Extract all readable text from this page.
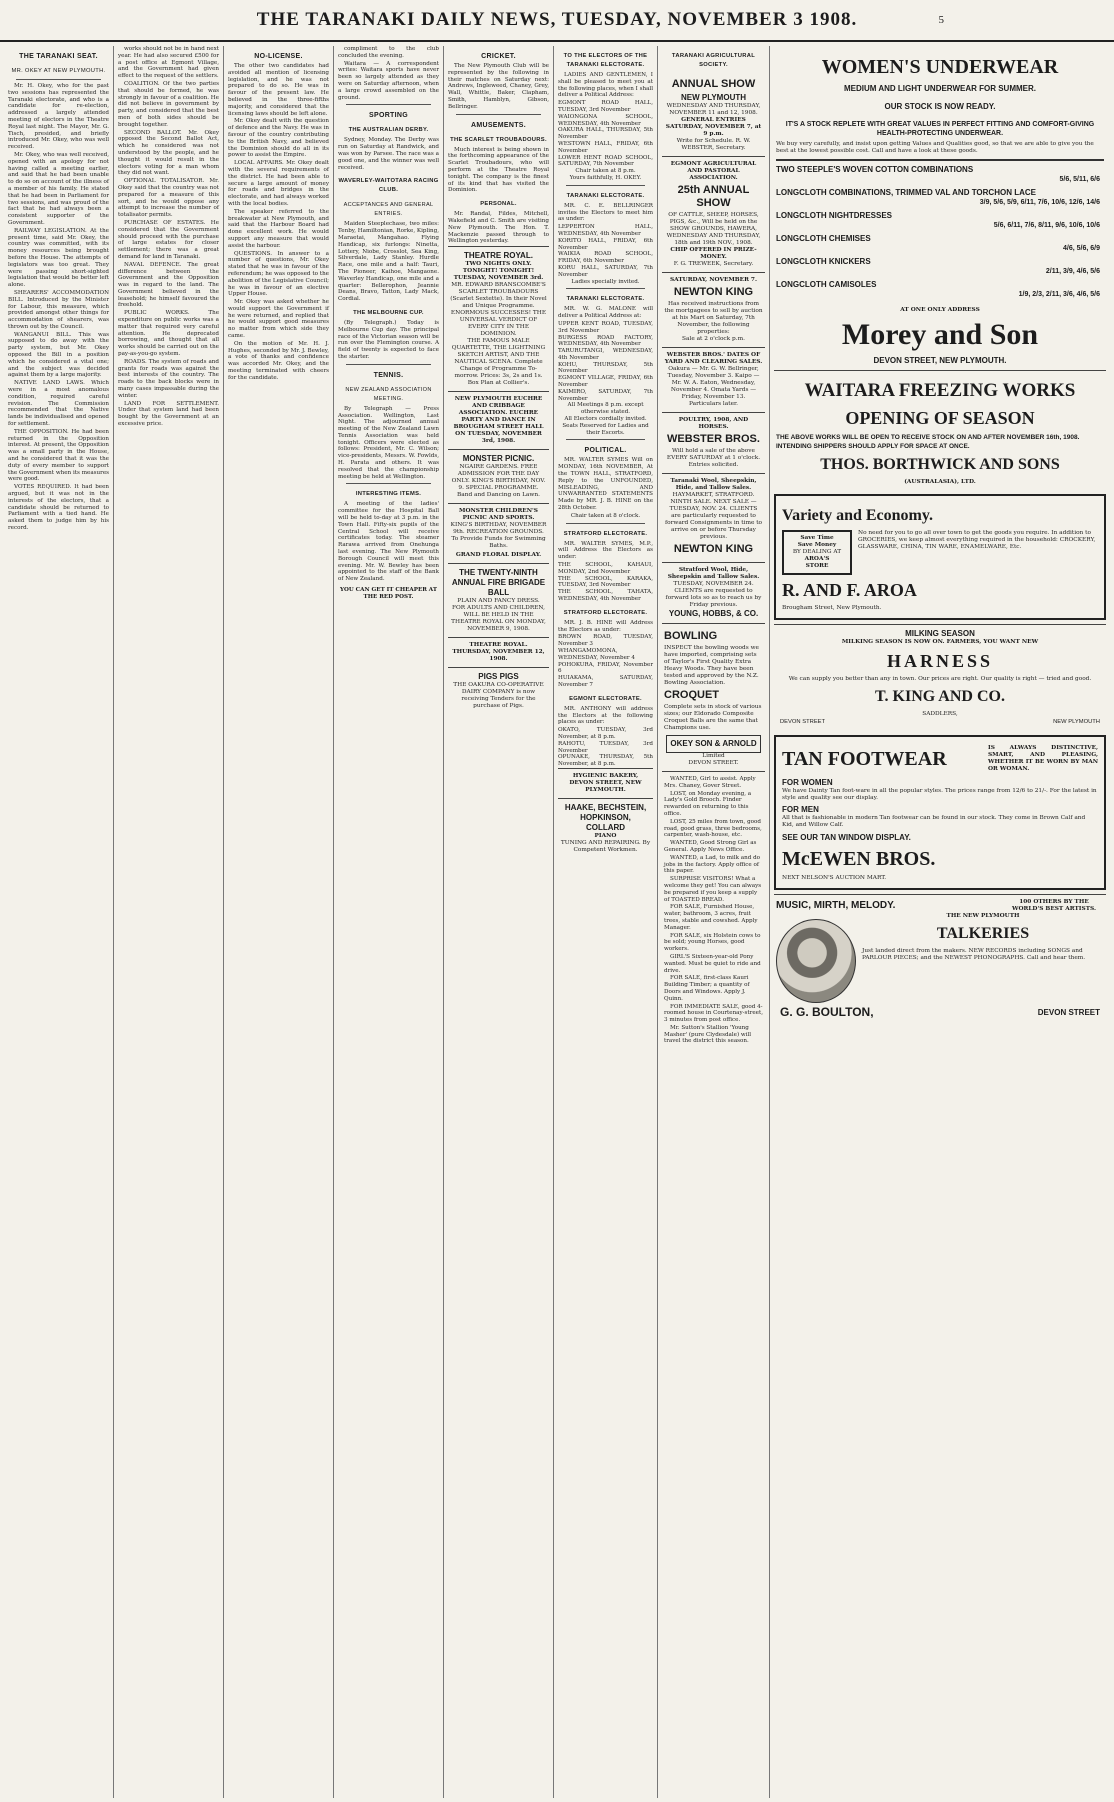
THE TARANAKI DAILY NEWS, TUESDAY, NOVEMBER 3 1908.	5
THE TARANAKI SEAT.
MR. OKEY AT NEW PLYMOUTH.

Mr. H. Okey, who for the past two sessions has represented the Taranaki electorate, and who is a candidate for re-election, addressed a largely attended meeting of electors in the Theatre Royal last night. The Mayor, Mr. G. Tisch, presided, and briefly introduced Mr. Okey, who was well received.

Mr. Okey, who was well received, opened with an apology for not having called a meeting earlier, and said that he had been unable to do so on account of the illness of a member of his family. He stated that he had been in Parliament for two sessions, and was proud of the fact that he had always been a consistent supporter of the Government.

RAILWAY LEGISLATION. At the present time, said Mr. Okey, the country was committed, with its money resources being brought before the House. The attempts of legislators was too great. They were passing short-sighted legislation that would be better left alone.

SHEARERS' ACCOMMODATION BILL. Introduced by the Minister for Labour, this measure, which provided amongst other things for accommodation of shearers, was thrown out by the Council.

WANGANUI BILL. This was supposed to do away with the party system, but Mr. Okey opposed the Bill in a position which he considered a vital one; and the subject was decided against them by a large majority.

NATIVE LAND LAWS. Which were in a most anomalous condition, required careful revision. The Commission recommended that the Native lands be individualised and opened for settlement.

THE OPPOSITION. He had been returned in the Opposition interest. At present, the Opposition was a small party in the House, and he considered that it was the duty of every member to support the Government when its measures were good.

VOTES REQUIRED. It had been argued, but it was not in the interests of the electors, that a candidate should be returned to Parliament with a tied hand. He asked them to judge him by his record.

works should not be in hand next year. He had also secured £500 for a post office at Egmont Village, and the Government had given effect to the request of the settlers.

COALITION. Of the two parties that should be formed, he was strongly in favour of a coalition. He did not believe in government by party, and considered that the best men of both sides should be brought together.

SECOND BALLOT. Mr. Okey opposed the Second Ballot Act, which he considered was not understood by the people, and he thought it would result in the electors voting for a man whom they did not want.

OPTIONAL TOTALISATOR. Mr. Okey said that the country was not prepared for a measure of this sort, and he would oppose any attempt to increase the number of totalisator permits.

PURCHASE OF ESTATES. He considered that the Government should proceed with the purchase of large estates for closer settlement; there was a great demand for land in Taranaki.

NAVAL DEFENCE. The great difference between the Government and the Opposition was in regard to the land. The Government believed in the leasehold; he himself favoured the freehold.

PUBLIC WORKS. The expenditure on public works was a matter that required very careful attention. He deprecated borrowing, and thought that all works should be carried out on the pay-as-you-go system.

ROADS. The system of roads and grants for roads was against the best interests of the country. The roads to the back blocks were in many cases impassable during the winter.

LAND FOR SETTLEMENT. Under that system land had been bought by the Government at an excessive price.

NO-LICENSE.

The other two candidates had avoided all mention of licensing legislation, and he was not prepared to do so. He was in favour of the present law. He believed in the three-fifths majority, and considered that the licensing laws should be left alone.

Mr. Okey dealt with the question of defence and the Navy. He was in favour of the country contributing to the British Navy, and believed the Dominion should do all in its power to assist the Empire.

LOCAL AFFAIRS. Mr. Okey dealt with the several requirements of the district. He had been able to secure a large amount of money for roads and bridges in the electorate, and had always worked with the local bodies.

The speaker referred to the breakwater at New Plymouth, and said that the Harbour Board had done excellent work. He would support any measure that would assist the harbour.

QUESTIONS. In answer to a number of questions, Mr. Okey stated that he was in favour of the referendum; he was opposed to the abolition of the Legislative Council; he was in favour of an elective Upper House.

Mr. Okey was asked whether he would support the Government if he were returned, and replied that he would support good measures no matter from which side they came.

On the motion of Mr. H. J. Hughes, seconded by Mr. J. Bewley, a vote of thanks and confidence was accorded Mr. Okey, and the meeting terminated with cheers for the candidate.

compliment to the club concluded the evening.

Waitara — A correspondent writes: Waitara sports have never been so largely attended as they were on Saturday afternoon, when a large crowd assembled on the ground.

SPORTING
THE AUSTRALIAN DERBY.

Sydney, Monday. The Derby was run on Saturday at Randwick, and was won by Parsee. The race was a good one, and the winner was well received.

WAVERLEY-WAITOTARA RACING CLUB.
ACCEPTANCES AND GENERAL ENTRIES.

Maiden Steeplechase, two miles: Tenby, Hamiltonian, Rorke, Kipling, Maraetai, Mangahao. Flying Handicap, six furlongs: Ninetta, Lottery, Niobe, Crosslot, Sea King, Silverdale, Lady Stanley. Hurdle Race, one mile and a half: Tauri, The Pioneer, Kaihoe, Mangaone. Waverley Handicap, one mile and a quarter: Bellerophon, Jeannie Deans, Bravo, Tatton, Lady Mack, Cordial.

THE MELBOURNE CUP.

(By Telegraph.) Today is Melbourne Cup day. The principal race of the Victorian season will be run over the Flemington course. A field of twenty is expected to face the starter.

TENNIS.
NEW ZEALAND ASSOCIATION MEETING.

By Telegraph — Press Association. Wellington, Last Night. The adjourned annual meeting of the New Zealand Lawn Tennis Association was held tonight. Officers were elected as follows: President, Mr. C. Wilson; vice-presidents, Messrs. W. Fowlds, H. Parata and others. It was resolved that the championship meeting be held at Wellington.

INTERESTING ITEMS.

A meeting of the ladies' committee for the Hospital Ball will be held to-day at 3 p.m. in the Town Hall. Fifty-six pupils of the Central School will receive certificates today. The steamer Rarawa arrived from Onehunga last evening. The New Plymouth Borough Council will meet this evening. Mr. W. Bewley has been appointed to the staff of the Bank of New Zealand.

YOU CAN GET IT CHEAPER AT THE RED POST.

CRICKET.

The New Plymouth Club will be represented by the following in their matches on Saturday next: Andrews, Ingleweed, Chaney, Grey, Wall, Whittle, Baker, Clapham, Smith, Hamblyn, Gibson, Bellringer.

AMUSEMENTS.
THE SCARLET TROUBADOURS.

Much interest is being shown in the forthcoming appearance of the Scarlet Troubadours, who will perform at the Theatre Royal tonight. The company is the finest of its kind that has visited the Dominion.

PERSONAL.

Mr. Randal, Fildes, Mitchell, Wakefield and C. Smith are visiting New Plymouth. The Hon. T. Mackenzie passed through to Wellington yesterday.

THEATRE ROYAL.
TWO NIGHTS ONLY. TONIGHT! TONIGHT! TUESDAY, NOVEMBER 3rd.
MR. EDWARD BRANSCOMBE'S SCARLET TROUBADOURS (Scarlet Sextette). In their Novel and Unique Programme. ENORMOUS SUCCESSES! THE UNIVERSAL VERDICT OF EVERY CITY IN THE DOMINION.
THE FAMOUS MALE QUARTETTE, THE LIGHTNING SKETCH ARTIST, AND THE NAUTICAL SCENA. Complete Change of Programme To-morrow. Prices: 3s, 2s and 1s. Box Plan at Collier's.
NEW PLYMOUTH EUCHRE AND CRIBBAGE ASSOCIATION. EUCHRE PARTY AND DANCE IN BROUGHAM STREET HALL ON TUESDAY, NOVEMBER 3rd, 1908.
MONSTER PICNIC.
NGAIRE GARDENS. FREE ADMISSION FOR THE DAY ONLY. KING'S BIRTHDAY, NOV. 9. SPECIAL PROGRAMME. Band and Dancing on Lawn.
MONSTER CHILDREN'S PICNIC AND SPORTS.
KING'S BIRTHDAY, NOVEMBER 9th. RECREATION GROUNDS. To Provide Funds for Swimming Baths.
GRAND FLORAL DISPLAY.
THE TWENTY-NINTH ANNUAL FIRE BRIGADE BALL
PLAIN AND FANCY DRESS. FOR ADULTS AND CHILDREN, WILL BE HELD IN THE THEATRE ROYAL ON MONDAY, NOVEMBER 9, 1908.
THEATRE ROYAL. THURSDAY, NOVEMBER 12, 1908.
PIGS PIGS
THE OAKURA CO-OPERATIVE DAIRY COMPANY is now receiving Tenders for the purchase of Pigs.
TO THE ELECTORS OF THE TARANAKI ELECTORATE.

LADIES AND GENTLEMEN, I shall be pleased to meet you at the following places, when I shall deliver a Political Address:

EGMONT ROAD HALL, TUESDAY, 3rd November
WAIONGONA SCHOOL, WEDNESDAY, 4th November
OAKURA HALL, THURSDAY, 5th November
WESTOWN HALL, FRIDAY, 6th November
LOWER HENT ROAD SCHOOL, SATURDAY, 7th November

Chair taken at 8 p.m.

Yours faithfully, H. OKEY.

TARANAKI ELECTORATE.

MR. C. E. BELLRINGER invites the Electors to meet him as under:

LEPPERTON HALL, WEDNESDAY, 4th November
KORITO HALL, FRIDAY, 6th November
WAIKIA ROAD SCHOOL, FRIDAY, 6th November
KORU HALL, SATURDAY, 7th November

Ladies specially invited.

TARANAKI ELECTORATE.

MR. W. G. MALONE will deliver a Political Address at:

UPPER KENT ROAD, TUESDAY, 3rd November
BURGESS ROAD FACTORY, WEDNESDAY, 4th November
TARURUTANGI, WEDNESDAY, 4th November
KOHU, THURSDAY, 5th November
EGMONT VILLAGE, FRIDAY, 6th November
KAIMIRO, SATURDAY, 7th November

All Meetings 8 p.m. except otherwise stated.

All Electors cordially invited. Seats Reserved for Ladies and their Escorts.

POLITICAL.

MR. WALTER SYMES Will on MONDAY, 16th NOVEMBER, At the TOWN HALL, STRATFORD, Reply to the UNFOUNDED, MISLEADING, AND UNWARRANTED STATEMENTS Made by MR. J. B. HINE on the 28th October.

Chair taken at 8 o'clock.

STRATFORD ELECTORATE.

MR. WALTER SYMES, M.P., will Address the Electors as under:

THE SCHOOL, KAHAUI, MONDAY, 2nd November
THE SCHOOL, KARAKA, TUESDAY, 3rd November
THE SCHOOL, TAHATA, WEDNESDAY, 4th November
STRATFORD ELECTORATE.

MR. J. B. HINE will Address the Electors as under:

BROWN ROAD, TUESDAY, November 3
WHANGAMOMONA, WEDNESDAY, November 4
POHOKURA, FRIDAY, November 6
HUIAKAMA, SATURDAY, November 7
EGMONT ELECTORATE.

MR. ANTHONY will address the Electors at the following places as under:

OKATO, TUESDAY, 3rd November, at 8 p.m.
RAHOTU, TUESDAY, 3rd November
OPUNAKE, THURSDAY, 5th November, at 8 p.m.
HYGIENIC BAKERY, DEVON STREET, NEW PLYMOUTH.
HAAKE, BECHSTEIN, HOPKINSON, COLLARD
PIANO
TUNING AND REPAIRING. By Competent Workmen.
TARANAKI AGRICULTURAL SOCIETY.
ANNUAL SHOW
NEW PLYMOUTH
WEDNESDAY AND THURSDAY, NOVEMBER 11 and 12, 1908.
GENERAL ENTRIES SATURDAY, NOVEMBER 7, at 9 p.m.
Write for Schedule. R. W. WEBSTER, Secretary.
EGMONT AGRICULTURAL AND PASTORAL ASSOCIATION.
25th ANNUAL SHOW
OF CATTLE, SHEEP, HORSES, PIGS, &c., Will be held on the SHOW GROUNDS, HAWERA, WEDNESDAY AND THURSDAY, 18th and 19th NOV., 1908.
CHIP OFFERED IN PRIZE-MONEY.
F. G. TREWEEK, Secretary.
SATURDAY, NOVEMBER 7.
NEWTON KING
Has received instructions from the mortgagees to sell by auction at his Mart on Saturday, 7th November, the following properties:
Sale at 2 o'clock p.m.
WEBSTER BROS.' DATES OF YARD AND CLEARING SALES.
Oakura — Mr. G. W. Bellringer, Tuesday, November 3. Kaipo — Mr. W. A. Eaton, Wednesday, November 4. Omata Yards — Friday, November 13.
Particulars later.
POULTRY, 1908, AND HORSES.
WEBSTER BROS.
Will hold a sale of the above EVERY SATURDAY at 1 o'clock.
Entries solicited.
Taranaki Wool, Sheepskin, Hide, and Tallow Sales.
HAYMARKET, STRATFORD. NINTH SALE. NEXT SALE — TUESDAY, NOV. 24. CLIENTS are particularly requested to forward Consignments in time to arrive on or before Thursday previous.
NEWTON KING
Stratford Wool, Hide, Sheepskin and Tallow Sales.
TUESDAY, NOVEMBER 24. CLIENTS are requested to forward lots so as to reach us by Friday previous.
YOUNG, HOBBS, & CO.
BOWLING
INSPECT the bowling woods we have imported, comprising sets of Taylor's First Quality Extra Heavy Woods. They have been tested and approved by the N.Z. Bowling Association.
CROQUET
Complete sets in stock of various sizes; our Eldorado Composite Croquet Balls are the same that Champions use.
OKEY SON & ARNOLD
Limited
DEVON STREET.

WANTED, Girl to assist. Apply Mrs. Chaney, Gover Street.

LOST, on Monday evening, a Lady's Gold Brooch. Finder rewarded on returning to this office.

LOST, 25 miles from town, good road, good grass, three bedrooms, carpenter, wash-house, etc.

WANTED, Good Strong Girl as General. Apply News Office.

WANTED, a Lad, to milk and do jobs in the factory. Apply office of this paper.

SURPRISE VISITORS! What a welcome they get! You can always be prepared if you keep a supply of TOASTED BREAD.

FOR SALE, Furnished House, water, bathroom, 3 acres, fruit trees, stable and cowshed. Apply Manager.

FOR SALE, six Holstein cows to be sold; young Horses, good workers.

GIRL'S Sixteen-year-old Pony wanted. Must be quiet to ride and drive.

FOR SALE, first-class Kauri Building Timber; a quantity of Doors and Windows. Apply J. Quinn.

FOR IMMEDIATE SALE, good 4-roomed house in Courtenay-street, 3 minutes from post office.

Mr. Sutton's Stallion 'Young Masher' (pure Clydesdale) will travel the district this season.

WOMEN'S UNDERWEAR
MEDIUM AND LIGHT UNDERWEAR FOR SUMMER.
OUR STOCK IS NOW READY.
IT'S A STOCK REPLETE WITH GREAT VALUES IN PERFECT FITTING AND COMFORT-GIVING HEALTH-PROTECTING UNDERWEAR.
We buy very carefully, and insist upon getting Values and Qualities good, so that we are able to give you the best at the lowest possible cost. Call and have a look at these goods.
TWO STEEPLE'S WOVEN COTTON COMBINATIONS
5/6, 5/11, 6/6
LONGCLOTH COMBINATIONS, TRIMMED VAL AND TORCHON LACE
3/9, 5/6, 5/9, 6/11, 7/6, 10/6, 12/6, 14/6
LONGCLOTH NIGHTDRESSES
5/6, 6/11, 7/6, 8/11, 9/6, 10/6, 10/6
LONGCLOTH CHEMISES
4/6, 5/6, 6/9
LONGCLOTH KNICKERS
2/11, 3/9, 4/6, 5/6
LONGCLOTH CAMISOLES
1/9, 2/3, 2/11, 3/6, 4/6, 5/6
AT ONE ONLY ADDRESS
Morey and Son
DEVON STREET, NEW PLYMOUTH.
WAITARA FREEZING WORKS
OPENING OF SEASON
THE ABOVE WORKS WILL BE OPEN TO RECEIVE STOCK ON AND AFTER NOVEMBER 16th, 1908. INTENDING SHIPPERS SHOULD APPLY FOR SPACE AT ONCE.
THOS. BORTHWICK AND SONS
(AUSTRALASIA), LTD.
Variety and Economy.
Save Time
Save Money
BY DEALING AT
AROA'S
STORE
No need for you to go all over town to get the goods you require. In addition to GROCERIES, we keep almost everything required in the household: CROCKERY, GLASSWARE, CHINA, TIN WARE, ENAMELWARE, Etc.
R. AND F. AROA
Brougham Street, New Plymouth.
MILKING SEASON
MILKING SEASON IS NOW ON. FARMERS, YOU WANT NEW
HARNESS
We can supply you better than any in town. Our prices are right. Our quality is right — tried and good.
T. KING AND CO.
SADDLERS,
DEVON STREET	NEW PLYMOUTH
TAN FOOTWEAR	IS ALWAYS DISTINCTIVE, SMART, AND PLEASING, WHETHER IT BE WORN BY MAN OR WOMAN.
FOR WOMEN
We have Dainty Tan foot-ware in all the popular styles. The prices range from 12/6 to 21/-. For the latest in style and quality see our display.
FOR MEN
All that is fashionable in modern Tan footwear can be found in our stock. They come in Brown Calf and Kid, and Willow Calf.
SEE OUR TAN WINDOW DISPLAY.
McEWEN BROS.
NEXT NELSON'S AUCTION MART.
MUSIC, MIRTH, MELODY.	100 OTHERS BY THE WORLD'S BEST ARTISTS.
THE NEW PLYMOUTH
TALKERIES
Just landed direct from the makers. NEW RECORDS including SONGS and PARLOUR PIECES; and the NEWEST PHONOGRAPHS. Call and hear them.
G. G. BOULTON,	DEVON STREET
